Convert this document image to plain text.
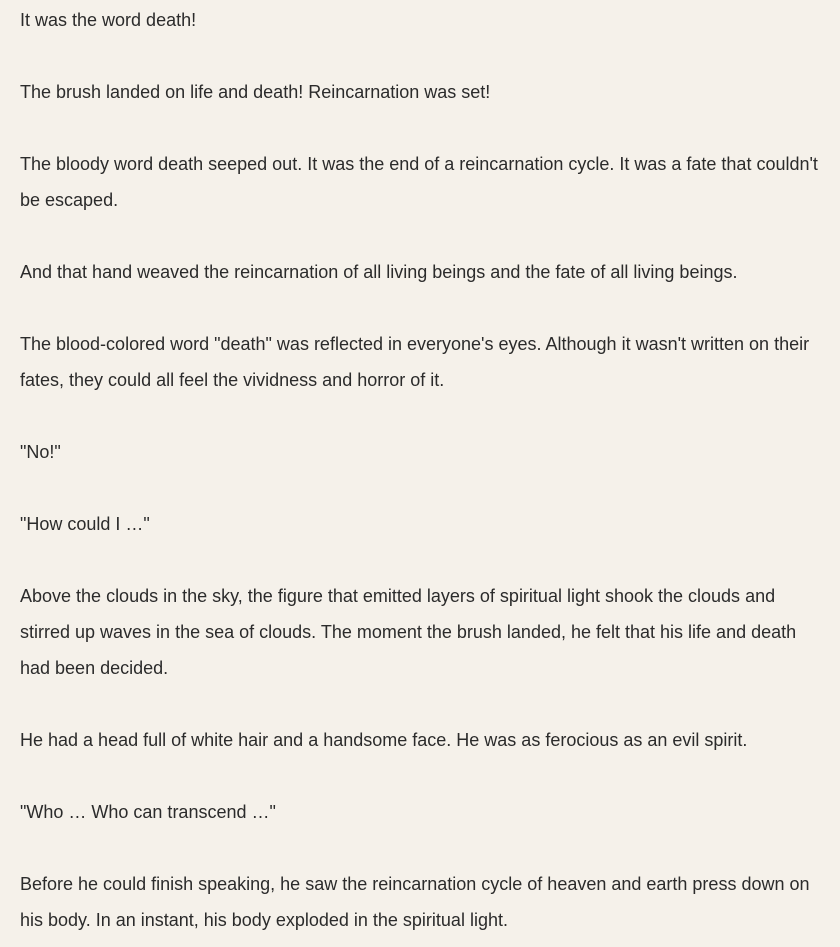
It was the word death!

The brush landed on life and death! Reincarnation was set!

The bloody word death seeped out. It was the end of a reincarnation cycle. It was a fate that couldn't be escaped.

And that hand weaved the reincarnation of all living beings and the fate of all living beings.

The blood-colored word "death" was reflected in everyone's eyes. Although it wasn't written on their fates, they could all feel the vividness and horror of it.

"No!"

"How could I …"

Above the clouds in the sky, the figure that emitted layers of spiritual light shook the clouds and stirred up waves in the sea of clouds. The moment the brush landed, he felt that his life and death had been decided.

He had a head full of white hair and a handsome face. He was as ferocious as an evil spirit.

"Who … Who can transcend …"

Before he could finish speaking, he saw the reincarnation cycle of heaven and earth press down on his body. In an instant, his body exploded in the spiritual light.
